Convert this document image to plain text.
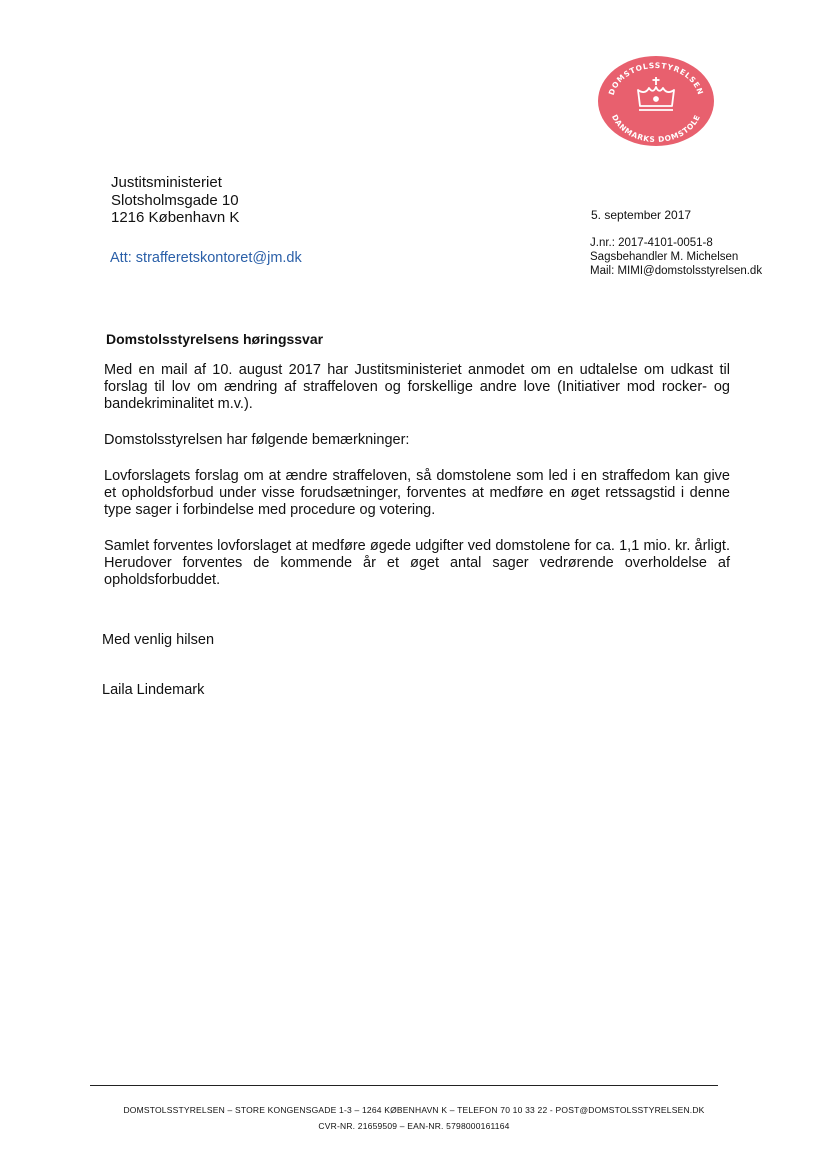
DOMSTOLSSTYRELSEN
DANMARKS DOMSTOLE
Justitsministeriet
Slotsholmsgade 10
1216 København K
Att: strafferetskontoret@jm.dk
5. september 2017
J.nr.: 2017-4101-0051-8
Sagsbehandler M. Michelsen
Mail: MIMI@domstolsstyrelsen.dk
Domstolsstyrelsens høringssvar

Med en mail af 10. august 2017 har Justitsministeriet anmodet om en udtalelse om udkast til forslag til lov om ændring af straffeloven og forskellige andre love (Initiativer mod rocker- og bandekriminalitet m.v.).

Domstolsstyrelsen har følgende bemærkninger:

Lovforslagets forslag om at ændre straffeloven, så domstolene som led i en straffedom kan give et opholdsforbud under visse forudsætninger, forventes at medføre en øget retssagstid i denne type sager i forbindelse med procedure og votering.

Samlet forventes lovforslaget at medføre øgede udgifter ved domstolene for ca. 1,1 mio. kr. årligt. Herudover forventes de kommende år et øget antal sager vedrørende overholdelse af opholdsforbuddet.

Med venlig hilsen
Laila Lindemark
DOMSTOLSSTYRELSEN – STORE KONGENSGADE 1-3 – 1264 KØBENHAVN K – TELEFON 70 10 33 22 - POST@DOMSTOLSSTYRELSEN.DK
CVR-NR. 21659509 – EAN-NR. 5798000161164
